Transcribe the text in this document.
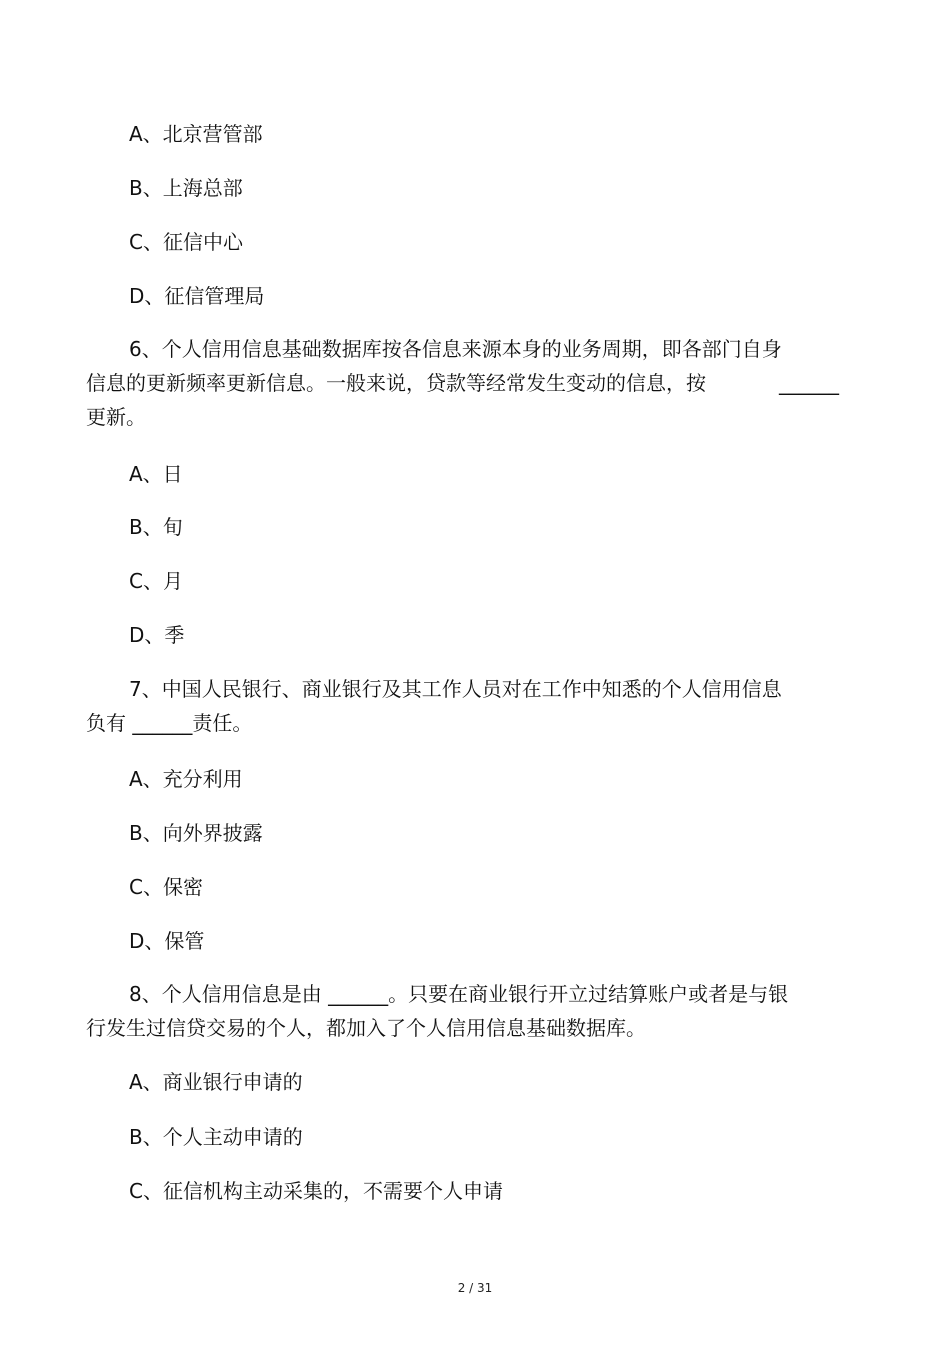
A、北京营管部
B、上海总部
C、征信中心
D、征信管理局
6、个人信用信息基础数据库按各信息来源本身的业务周期，即各部门自身
信息的更新频率更新信息。一般来说，贷款等经常发生变动的信息，按	______
更新。
A、日
B、旬
C、月
D、季
7、中国人民银行、商业银行及其工作人员对在工作中知悉的个人信用信息
负有 ______责任。
A、充分利用
B、向外界披露
C、保密
D、保管
8、个人信用信息是由 ______。只要在商业银行开立过结算账户或者是与银
行发生过信贷交易的个人，都加入了个人信用信息基础数据库。
A、商业银行申请的
B、个人主动申请的
C、征信机构主动采集的，不需要个人申请
2 / 31
